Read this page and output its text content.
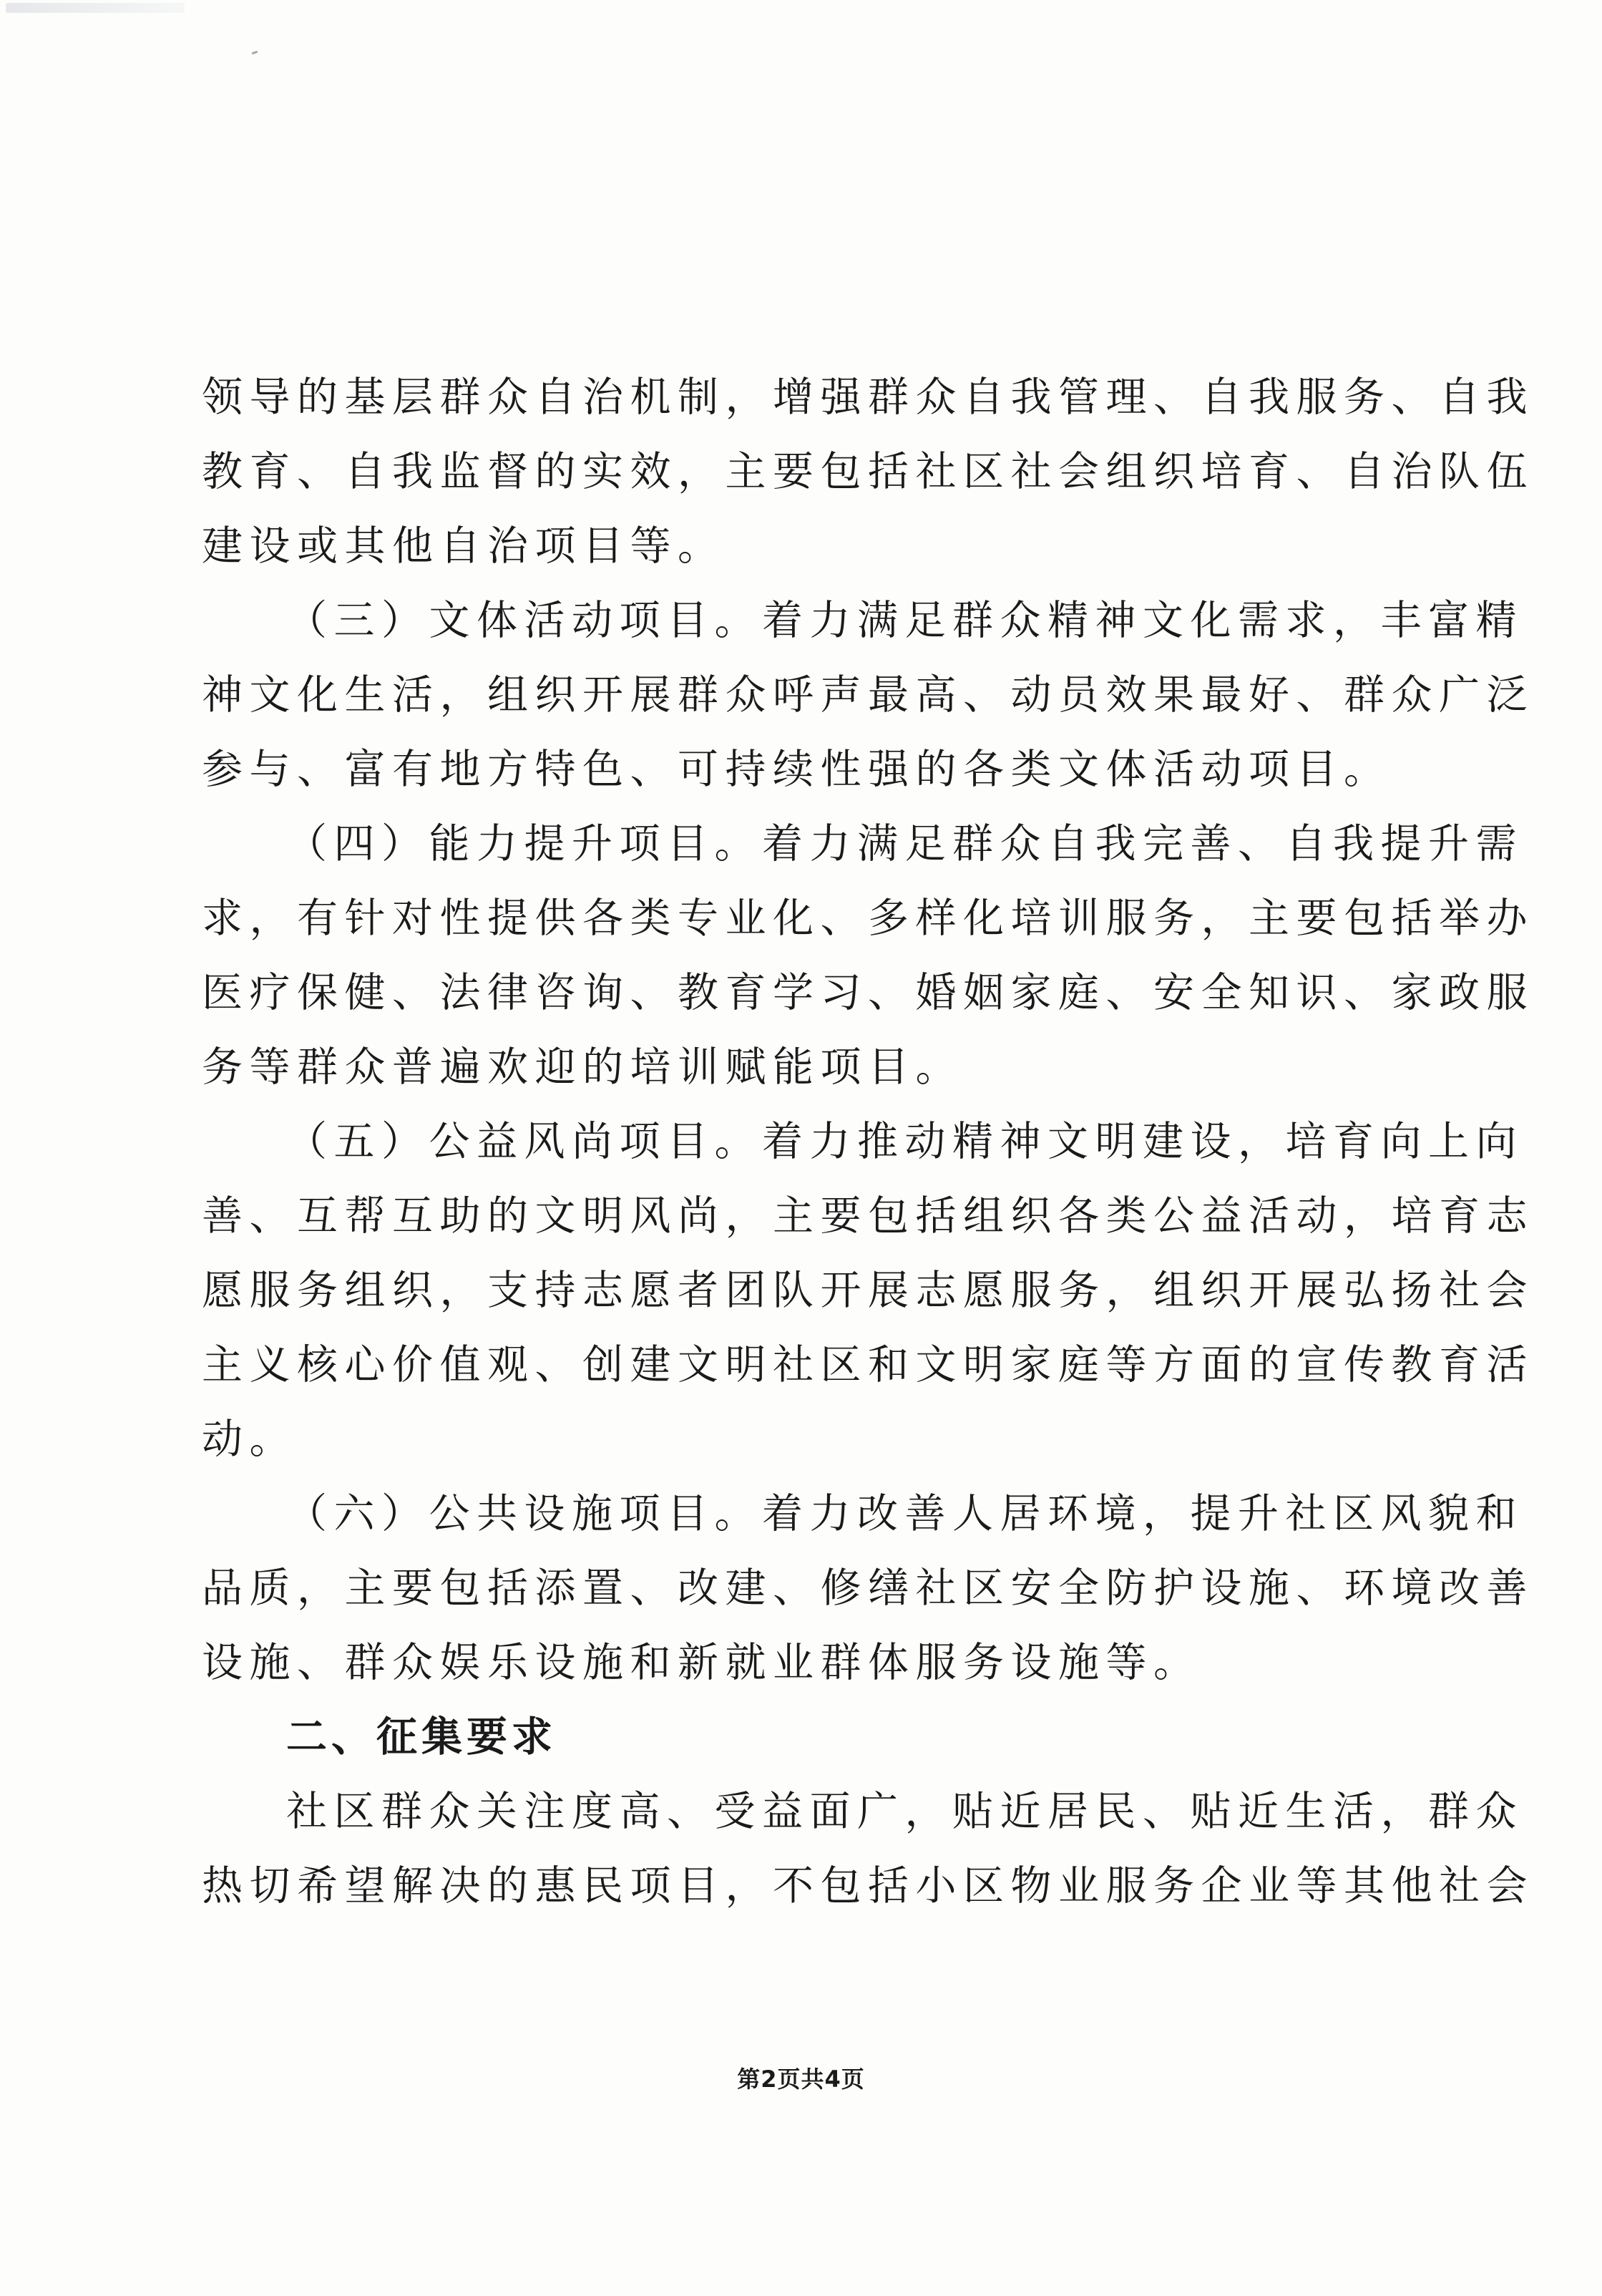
领导的基层群众自治机制，增强群众自我管理、自我服务、自我
教育、自我监督的实效，主要包括社区社会组织培育、自治队伍
建设或其他自治项目等。
（三）文体活动项目。着力满足群众精神文化需求，丰富精
神文化生活，组织开展群众呼声最高、动员效果最好、群众广泛
参与、富有地方特色、可持续性强的各类文体活动项目。
（四）能力提升项目。着力满足群众自我完善、自我提升需
求，有针对性提供各类专业化、多样化培训服务，主要包括举办
医疗保健、法律咨询、教育学习、婚姻家庭、安全知识、家政服
务等群众普遍欢迎的培训赋能项目。
（五）公益风尚项目。着力推动精神文明建设，培育向上向
善、互帮互助的文明风尚，主要包括组织各类公益活动，培育志
愿服务组织，支持志愿者团队开展志愿服务，组织开展弘扬社会
主义核心价值观、创建文明社区和文明家庭等方面的宣传教育活
动。
（六）公共设施项目。着力改善人居环境，提升社区风貌和
品质，主要包括添置、改建、修缮社区安全防护设施、环境改善
设施、群众娱乐设施和新就业群体服务设施等。
二、征集要求
社区群众关注度高、受益面广，贴近居民、贴近生活，群众
热切希望解决的惠民项目，不包括小区物业服务企业等其他社会
第2页共4页
